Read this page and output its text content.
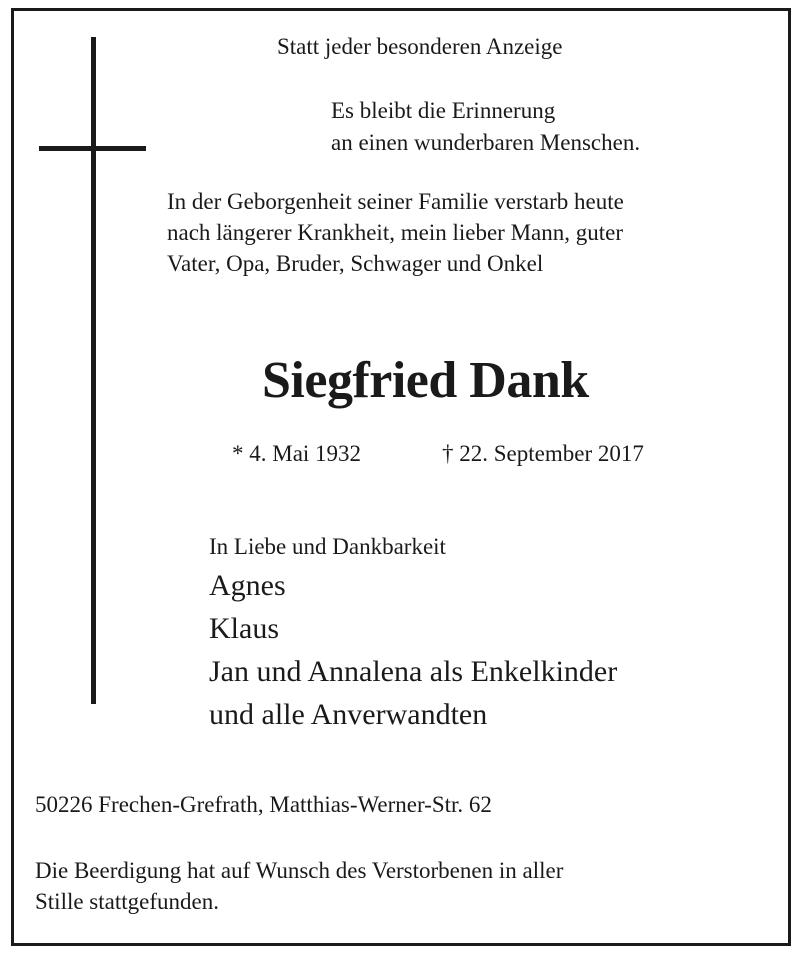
Statt jeder besonderen Anzeige

Es bleibt die Erinnerung
an einen wunderbaren Menschen.
In der Geborgenheit seiner Familie verstarb heute
nach längerer Krankheit, mein lieber Mann, guter
Vater, Opa, Bruder, Schwager und Onkel
Siegfried Dank
* 4. Mai 1932	† 22. September 2017

In Liebe und Dankbarkeit

Agnes
Klaus
Jan und Annalena als Enkelkinder
und alle Anverwandten

50226 Frechen-Grefrath, Matthias-Werner-Str. 62

Die Beerdigung hat auf Wunsch des Verstorbenen in aller
Stille stattgefunden.
